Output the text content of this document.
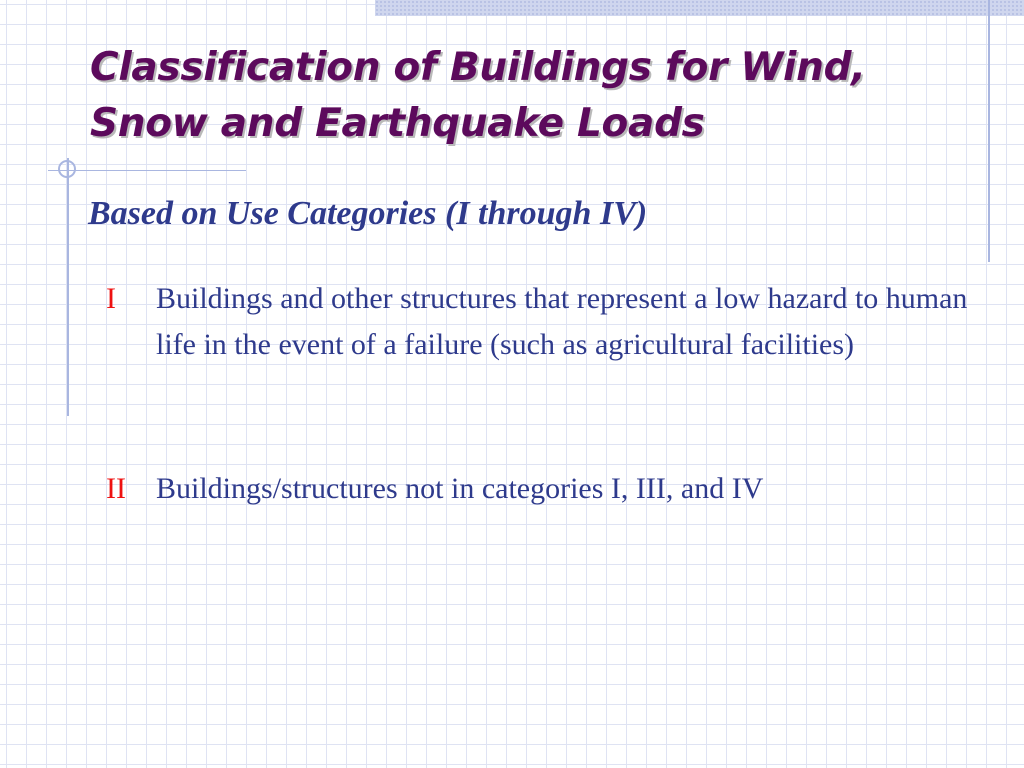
Classification of Buildings for Wind,
Snow and Earthquake Loads
Based on Use Categories (I through IV)
I Buildings and other structures that represent a low hazard to human life in the event of a failure (such as agricultural facilities)
II Buildings/structures not in categories I, III, and IV
